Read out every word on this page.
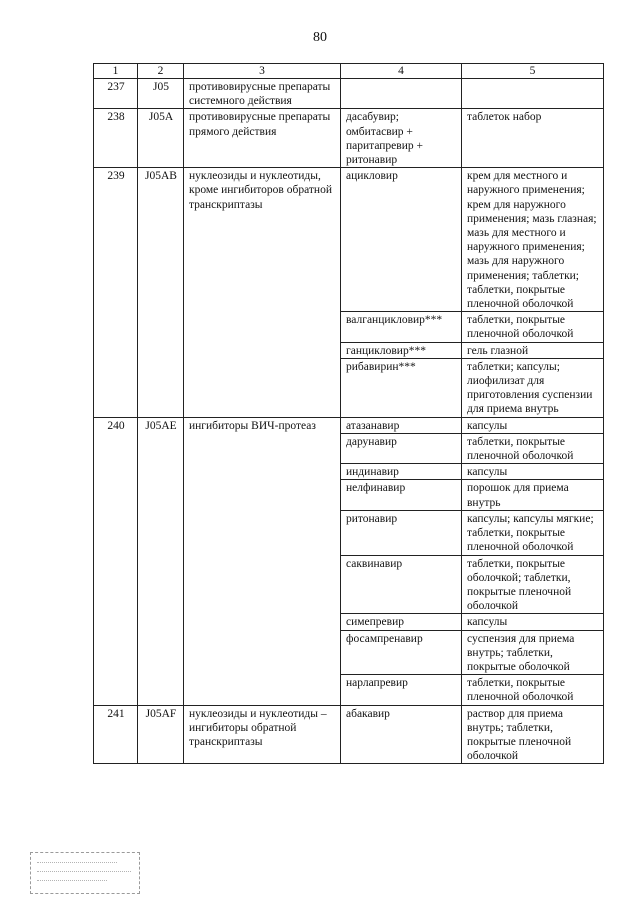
80
1	2	3	4	5
237	J05	противовирусные препараты системного действия		
238	J05A	противовирусные препараты прямого действия	дасабувир; омбитасвир + паритапревир + ритонавир	таблеток набор
239	J05AB	нуклеозиды и нуклеотиды, кроме ингибиторов обратной транскриптазы	ацикловир	крем для местного и наружного применения; крем для наружного применения; мазь глазная; мазь для местного и наружного применения; мазь для наружного применения; таблетки; таблетки, покрытые пленочной оболочкой
			валганцикловир***	таблетки, покрытые пленочной оболочкой
			ганцикловир***	гель глазной
			рибавирин***	таблетки; капсулы; лиофилизат для приготовления суспензии для приема внутрь
240	J05AE	ингибиторы ВИЧ-протеаз	атазанавир	капсулы
			дарунавир	таблетки, покрытые пленочной оболочкой
			индинавир	капсулы
			нелфинавир	порошок для приема внутрь
			ритонавир	капсулы; капсулы мягкие; таблетки, покрытые пленочной оболочкой
			саквинавир	таблетки, покрытые оболочкой; таблетки, покрытые пленочной оболочкой
			симепревир	капсулы
			фосампренавир	суспензия для приема внутрь; таблетки, покрытые оболочкой
			нарлапревир	таблетки, покрытые пленочной оболочкой
241	J05AF	нуклеозиды и нуклеотиды – ингибиторы обратной транскриптазы	абакавир	раствор для приема внутрь; таблетки, покрытые пленочной оболочкой
